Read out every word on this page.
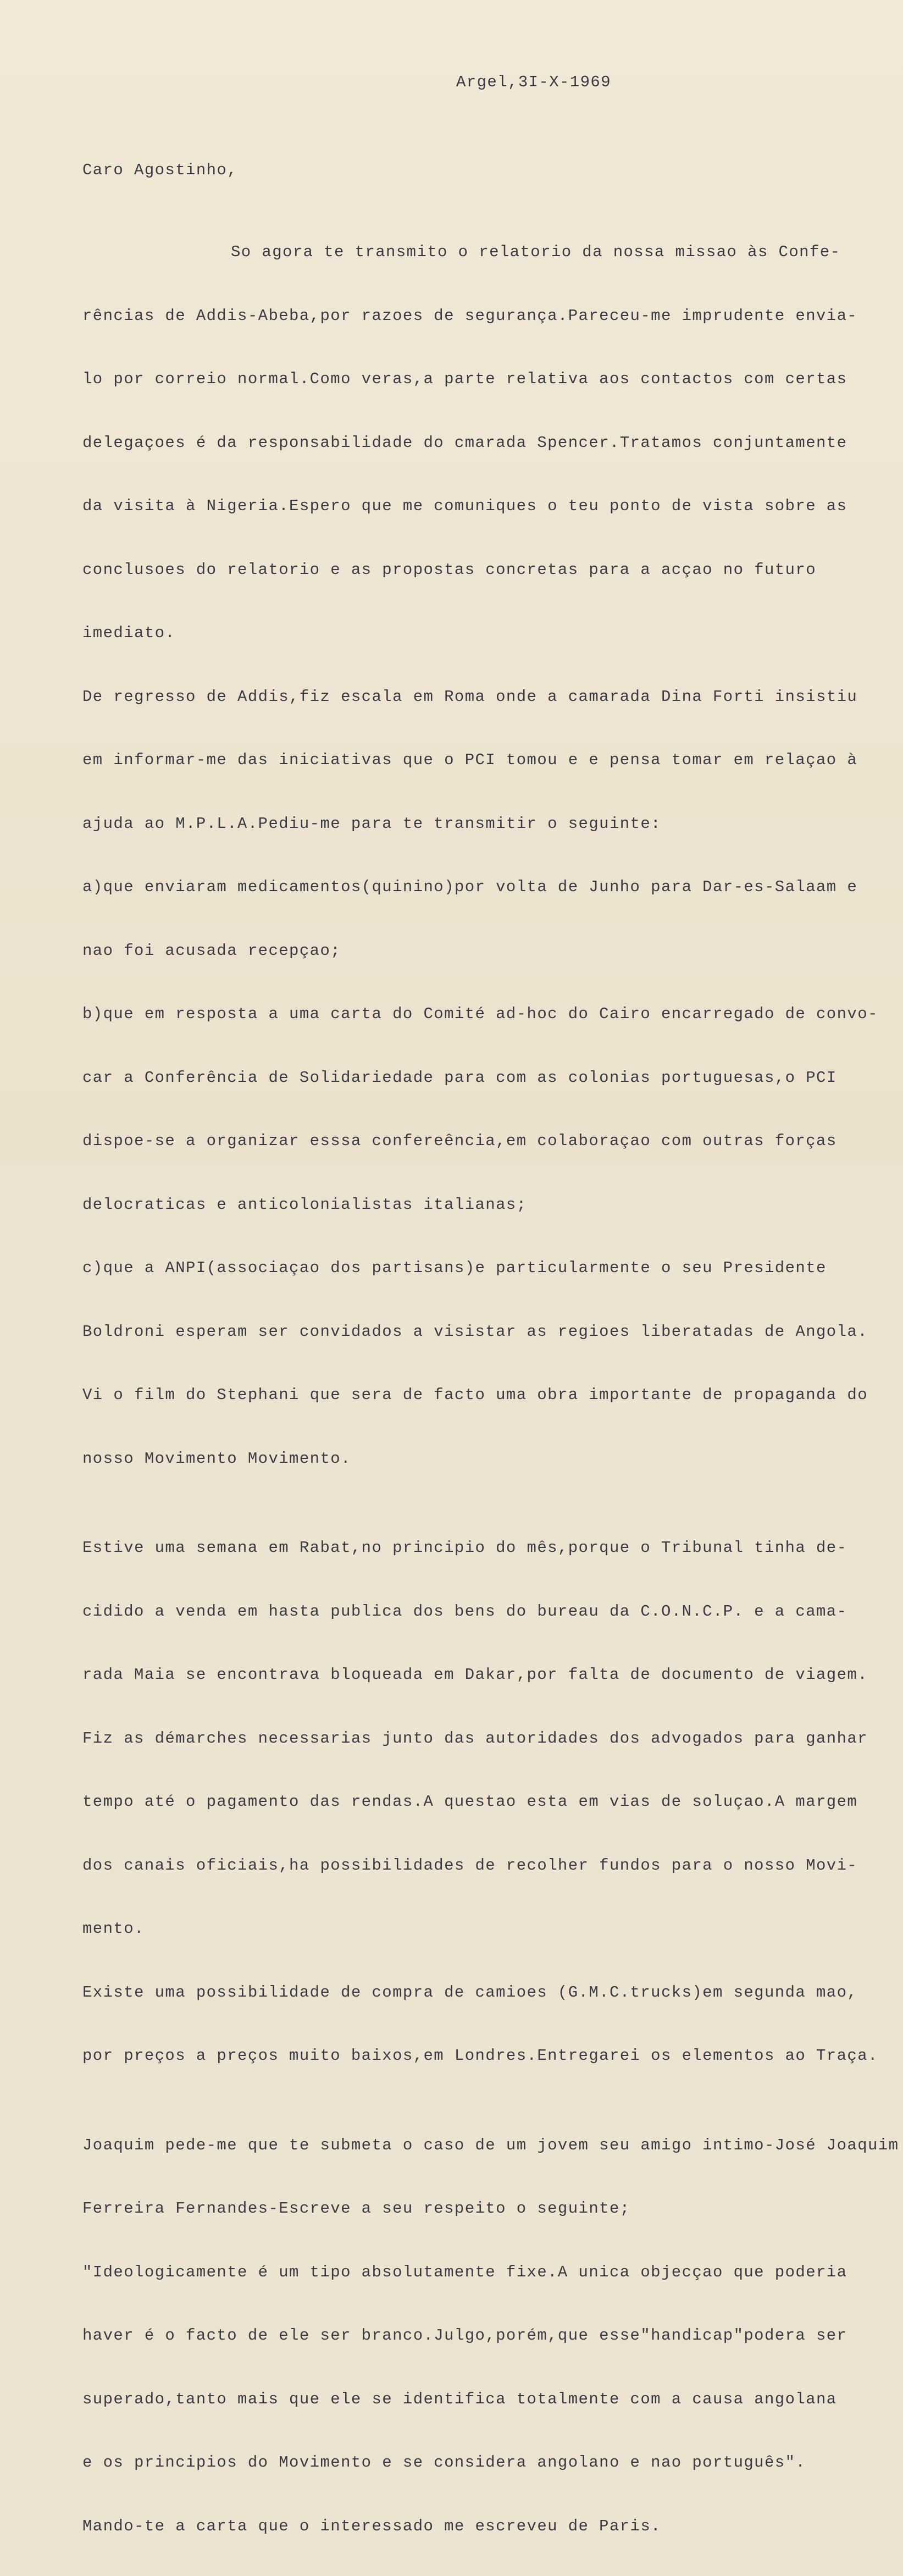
Argel,3I-X-1969

Caro Agostinho,

So agora te transmito o relatorio da nossa missao às Confe-

rências de Addis-Abeba,por razoes de segurança.Pareceu-me imprudente envia-

lo por correio normal.Como veras,a parte relativa aos contactos com certas

delegaçoes é da responsabilidade do cmarada Spencer.Tratamos conjuntamente

da visita à Nigeria.Espero que me comuniques o teu ponto de vista sobre as

conclusoes do relatorio e as propostas concretas para a acçao no futuro

imediato.

De regresso de Addis,fiz escala em Roma onde a camarada Dina Forti insistiu

em informar-me das iniciativas que o PCI tomou e e pensa tomar em relaçao à

ajuda ao M.P.L.A.Pediu-me para te transmitir o seguinte:

a)que enviaram medicamentos(quinino)por volta de Junho para Dar-es-Salaam e

nao foi acusada recepçao;

b)que em resposta a uma carta do Comité ad-hoc do Cairo encarregado de convo-

car a Conferência de Solidariedade para com as colonias portuguesas,o PCI

dispoe-se a organizar esssa confereência,em colaboraçao com outras forças

delocraticas e anticolonialistas italianas;

c)que a ANPI(associaçao dos partisans)e particularmente o seu Presidente

Boldroni esperam ser convidados a visistar as regioes liberatadas de Angola.

Vi o film do Stephani que sera de facto uma obra importante de propaganda do

nosso Movimento Movimento.

Estive uma semana em Rabat,no principio do mês,porque o Tribunal tinha de-

cidido a venda em hasta publica dos bens do bureau da C.O.N.C.P. e a cama-

rada Maia se encontrava bloqueada em Dakar,por falta de documento de viagem.

Fiz as démarches necessarias junto das autoridades dos advogados para ganhar

tempo até o pagamento das rendas.A questao esta em vias de soluçao.A margem

dos canais oficiais,ha possibilidades de recolher fundos para o nosso Movi-

mento.

Existe uma possibilidade de compra de camioes (G.M.C.trucks)em segunda mao,

por preços a preços muito baixos,em Londres.Entregarei os elementos ao Traça.

Joaquim pede-me que te submeta o caso de um jovem seu amigo intimo-José Joaquim

Ferreira Fernandes-Escreve a seu respeito o seguinte;

"Ideologicamente é um tipo absolutamente fixe.A unica objecçao que poderia

haver é o facto de ele ser branco.Julgo,porém,que esse"handicap"podera ser

superado,tanto mais que ele se identifica totalmente com a causa angolana

e os principios do Movimento e se considera angolano e nao português".

Mando-te a carta que o interessado me escreveu de Paris.
